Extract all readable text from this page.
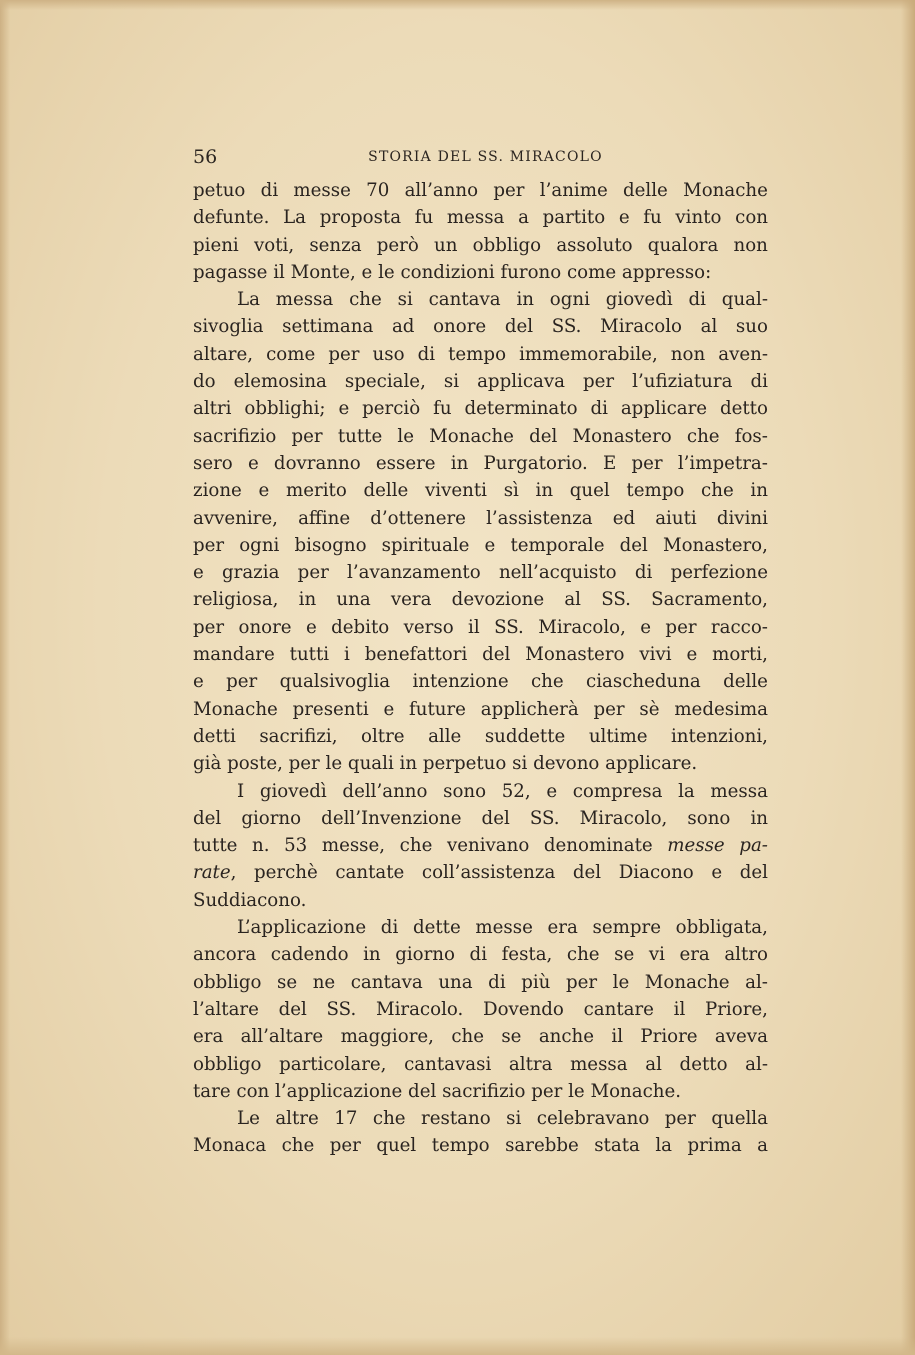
56	STORIA DEL SS. MIRACOLO
petuo di messe 70 all’anno per l’anime delle Monache
defunte. La proposta fu messa a partito e fu vinto con
pieni voti, senza però un obbligo assoluto qualora non
pagasse il Monte, e le condizioni furono come appresso:
La messa che si cantava in ogni giovedì di qual-
sivoglia settimana ad onore del SS. Miracolo al suo
altare, come per uso di tempo immemorabile, non aven-
do elemosina speciale, si applicava per l’ufiziatura di
altri obblighi; e perciò fu determinato di applicare detto
sacrifizio per tutte le Monache del Monastero che fos-
sero e dovranno essere in Purgatorio. E per l’impetra-
zione e merito delle viventi sì in quel tempo che in
avvenire, affine d’ottenere l’assistenza ed aiuti divini
per ogni bisogno spirituale e temporale del Monastero,
e grazia per l’avanzamento nell’acquisto di perfezione
religiosa, in una vera devozione al SS. Sacramento,
per onore e debito verso il SS. Miracolo, e per racco-
mandare tutti i benefattori del Monastero vivi e morti,
e per qualsivoglia intenzione che ciascheduna delle
Monache presenti e future applicherà per sè medesima
detti sacrifizi, oltre alle suddette ultime intenzioni,
già poste, per le quali in perpetuo si devono applicare.
I giovedì dell’anno sono 52, e compresa la messa
del giorno dell’Invenzione del SS. Miracolo, sono in
tutte n. 53 messe, che venivano denominate messe pa-
rate, perchè cantate coll’assistenza del Diacono e del
Suddiacono.
L’applicazione di dette messe era sempre obbligata,
ancora cadendo in giorno di festa, che se vi era altro
obbligo se ne cantava una di più per le Monache al-
l’altare del SS. Miracolo. Dovendo cantare il Priore,
era all’altare maggiore, che se anche il Priore aveva
obbligo particolare, cantavasi altra messa al detto al-
tare con l’applicazione del sacrifizio per le Monache.
Le altre 17 che restano si celebravano per quella
Monaca che per quel tempo sarebbe stata la prima a
